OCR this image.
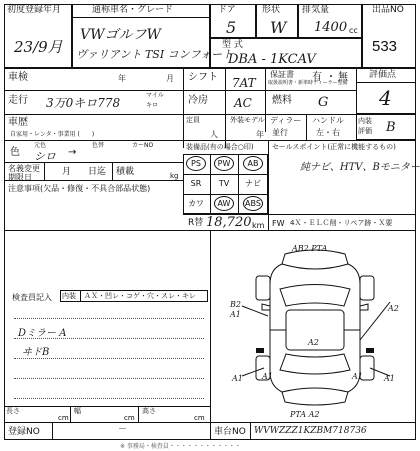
初度登録年月
23/9月
通称車名・グレード
VWゴルフW
ヴァリアント TSI コンフォート
ドア
5
形状
W
排気量
1400 cc
型 式
DBA - 1KCAV
出品NO
533
車検	年	月 シフト 7AT
保証書
取扱説明書・新車時ディーラー整備
有 ・ 無 評価点
4
走行 3万0キロ778
マイル
キロ	冷房 AC 燃料 G
車歴
自家用・レンタ・事業用 (　　)
定員
人
外装モデル
年
ディラー
並行
ハンドル
左・右
内装
評価 B
色
元色
シロ
色替
→
カーNO	装備品(有の場合○印)	セールスポイント(正常に機能するもの)
純ナビ、HTV、Bモニター
PS	PW	AB
SR	TV	ナビ
カワ AW ABS
名義変更
期限日
月 日迄 積載	kg
注意事項(欠品・修復・不具合部品状態)
R替 18,720 km FW 4Ｘ・ＥＬＣ削・リペア跡・Ｘ要
検査員記入 内装 ＡＸ・凹レ・コゲ・穴・スレ・キレ
Dミラー A
ヰドB
AB2 PTA
B2
A1
A1
A2
A2
A1	A1	A1
PTA A2
長さ
cm
幅
cm
高さ
cm
登録NO	－	車台NO WVWZZZ1KZBM718736
※ 事務局・検査員・・・・・・・・・・・・
